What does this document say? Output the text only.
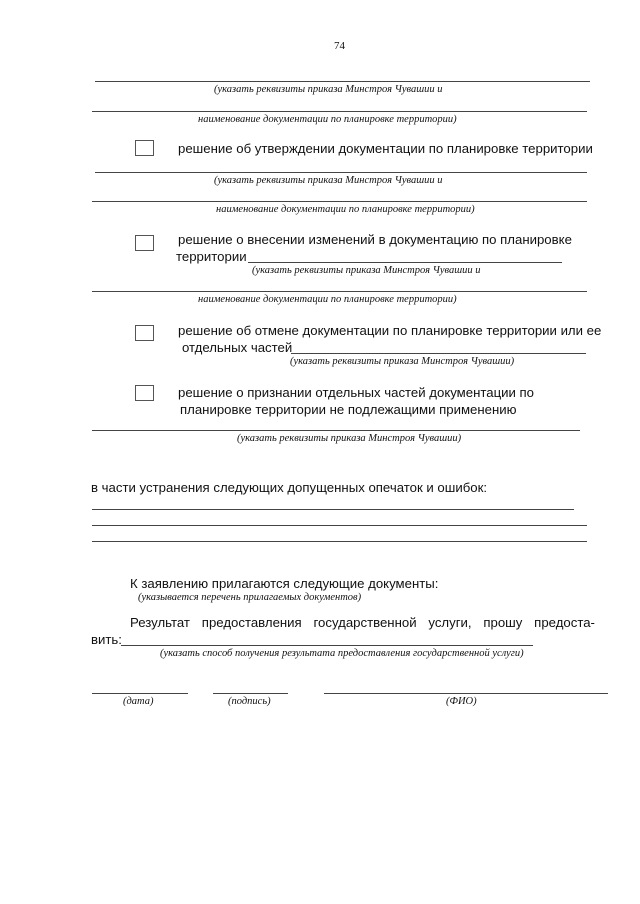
74
(указать реквизиты приказа Минстроя Чувашии и
наименование документации по планировке территории)
решение об утверждении документации по планировке территории
(указать реквизиты приказа Минстроя Чувашии и
наименование документации по планировке территории)
решение о внесении изменений в документацию по планировке
территории
(указать реквизиты приказа Минстроя Чувашии и
наименование документации по планировке территории)
решение об отмене документации по планировке территории или ее
отдельных частей
(указать реквизиты приказа Минстроя Чувашии)
решение о признании отдельных частей документации по
планировке территории не подлежащими применению
(указать реквизиты приказа Минстроя Чувашии)
в части устранения следующих допущенных опечаток и ошибок:
К заявлению прилагаются следующие документы:
(указывается перечень прилагаемых документов)
Результат предоставления государственной услуги, прошу предоста-
вить:
(указать способ получения результата предоставления государственной услуги)
(дата)	(подпись)	(ФИО)
